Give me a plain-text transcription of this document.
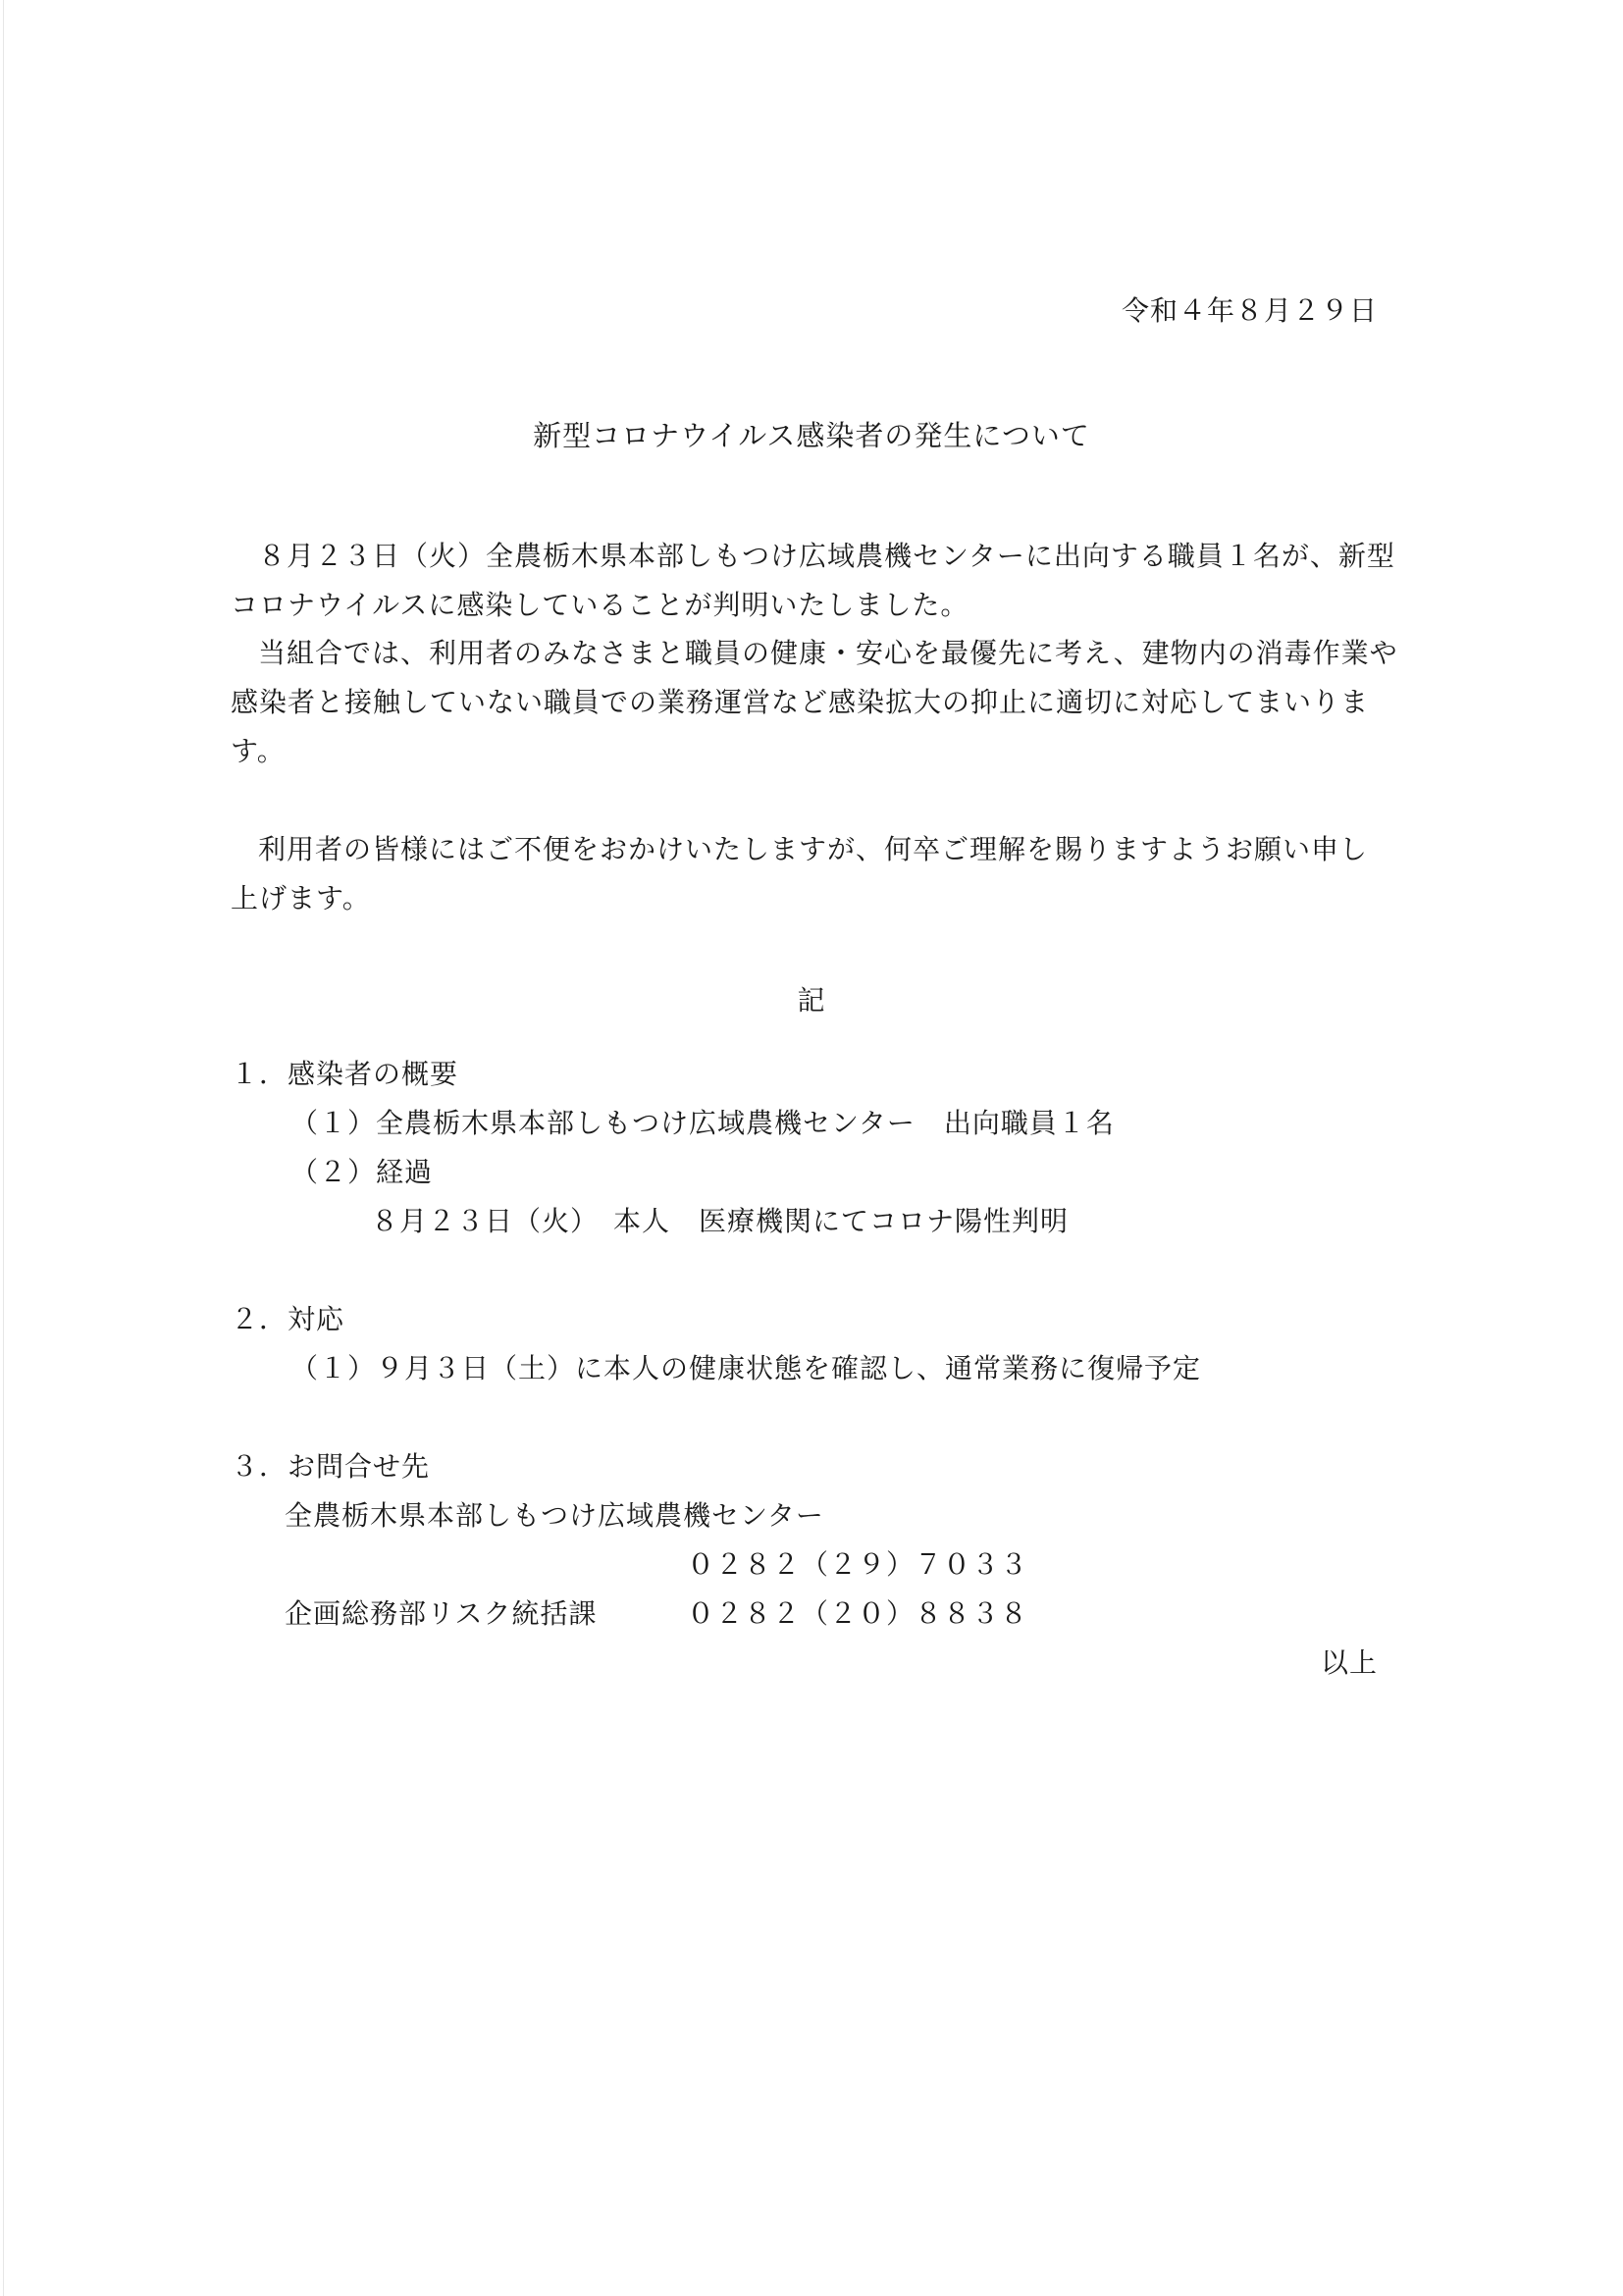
令和４年８月２９日
新型コロナウイルス感染者の発生について
８月２３日（火）全農栃木県本部しもつけ広域農機センターに出向する職員１名が、新型
コロナウイルスに感染していることが判明いたしました。
当組合では、利用者のみなさまと職員の健康・安心を最優先に考え、建物内の消毒作業や
感染者と接触していない職員での業務運営など感染拡大の抑止に適切に対応してまいりま
す。
利用者の皆様にはご不便をおかけいたしますが、何卒ご理解を賜りますようお願い申し
上げます。
記
１．感染者の概要
（１）全農栃木県本部しもつけ広域農機センター　出向職員１名
（２）経過
８月２３日（火）　本人　医療機関にてコロナ陽性判明
２．対応
（１）９月３日（土）に本人の健康状態を確認し、通常業務に復帰予定
３．お問合せ先
全農栃木県本部しもつけ広域農機センター
０２８２（２９）７０３３
企画総務部リスク統括課	０２８２（２０）８８３８
以上
